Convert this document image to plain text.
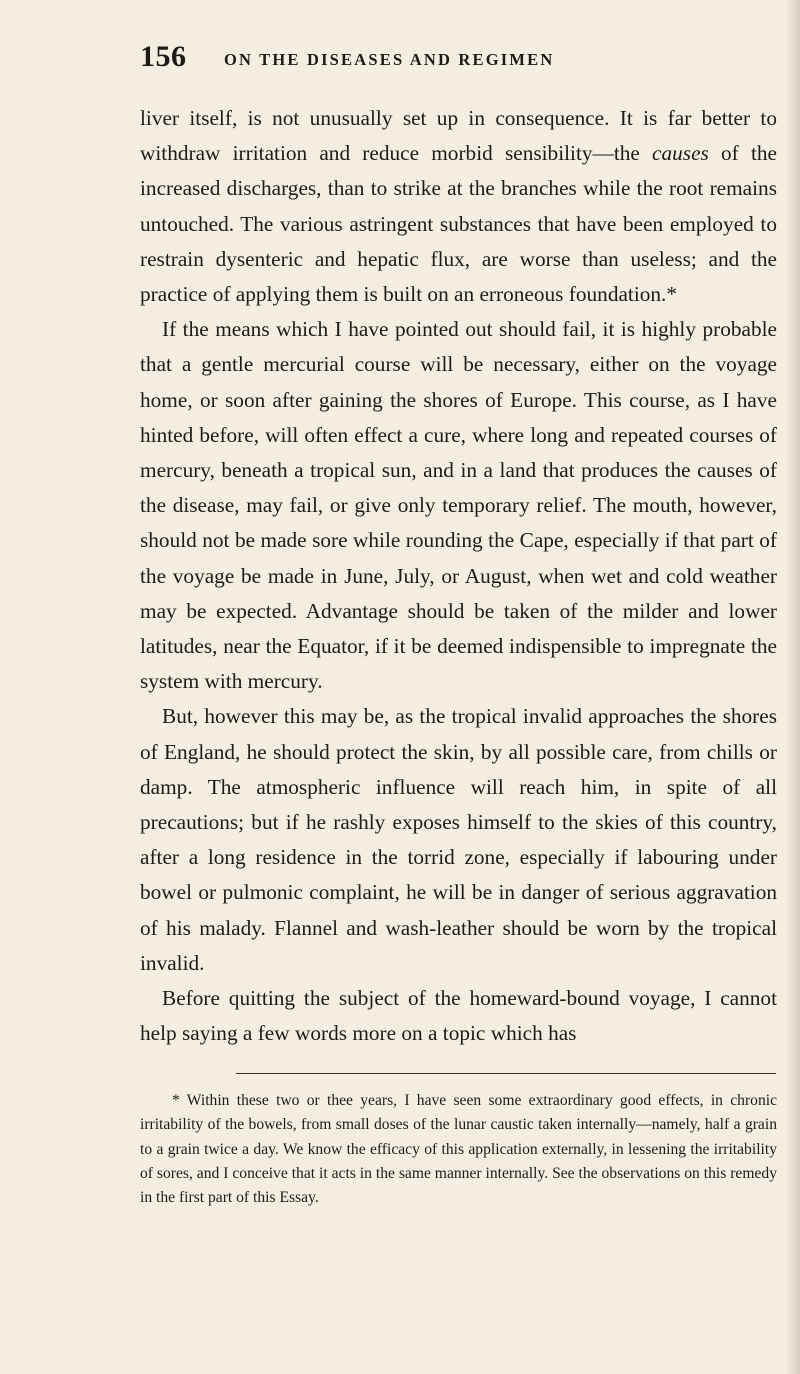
156 ON THE DISEASES AND REGIMEN

liver itself, is not unusually set up in consequence. It is far better to withdraw irritation and reduce morbid sensibility—the causes of the increased discharges, than to strike at the branches while the root remains untouched. The various astringent substances that have been employed to restrain dysenteric and hepatic flux, are worse than useless; and the practice of applying them is built on an erroneous foundation.*

If the means which I have pointed out should fail, it is highly probable that a gentle mercurial course will be necessary, either on the voyage home, or soon after gaining the shores of Europe. This course, as I have hinted before, will often effect a cure, where long and repeated courses of mercury, beneath a tropical sun, and in a land that produces the causes of the disease, may fail, or give only temporary relief. The mouth, however, should not be made sore while rounding the Cape, especially if that part of the voyage be made in June, July, or August, when wet and cold weather may be expected. Advantage should be taken of the milder and lower latitudes, near the Equator, if it be deemed indispensible to impregnate the system with mercury.

But, however this may be, as the tropical invalid approaches the shores of England, he should protect the skin, by all possible care, from chills or damp. The atmospheric influence will reach him, in spite of all precautions; but if he rashly exposes himself to the skies of this country, after a long residence in the torrid zone, especially if labouring under bowel or pulmonic complaint, he will be in danger of serious aggravation of his malady. Flannel and wash-leather should be worn by the tropical invalid.

Before quitting the subject of the homeward-bound voyage, I cannot help saying a few words more on a topic which has

* Within these two or thee years, I have seen some extraordinary good effects, in chronic irritability of the bowels, from small doses of the lunar caustic taken internally—namely, half a grain to a grain twice a day. We know the efficacy of this application externally, in lessening the irritability of sores, and I conceive that it acts in the same manner internally. See the observations on this remedy in the first part of this Essay.
